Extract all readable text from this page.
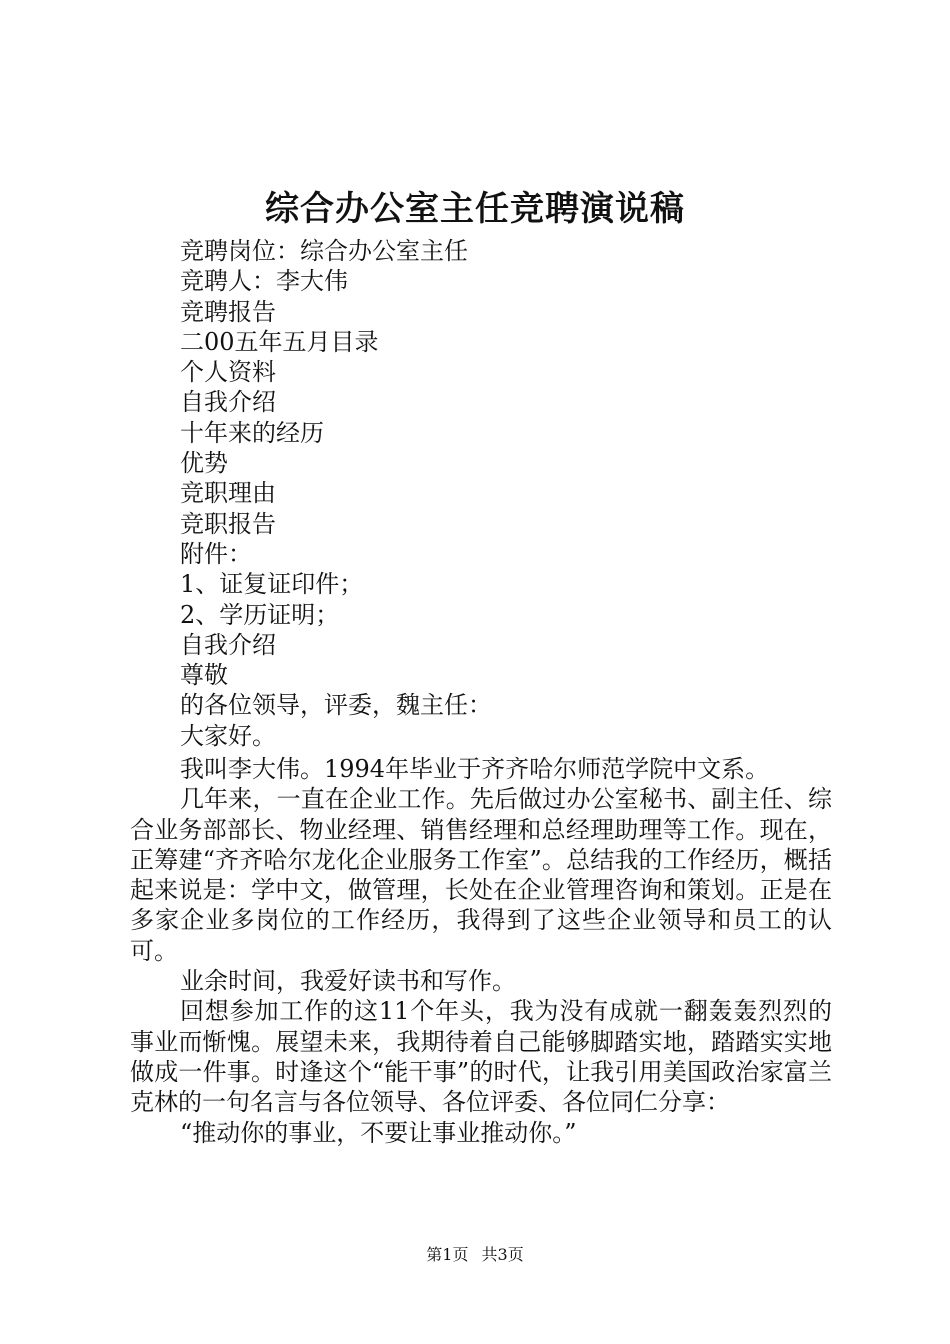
综合办公室主任竞聘演说稿
竞聘岗位：综合办公室主任
竞聘人：李大伟
竞聘报告
二00五年五月目录
个人资料
自我介绍
十年来的经历
优势
竞职理由
竞职报告
附件：
1、证复证印件；
2、学历证明；
自我介绍
尊敬
的各位领导，评委，魏主任：
大家好。

我叫李大伟。1994年毕业于齐齐哈尔师范学院中文系。

几年来，一直在企业工作。先后做过办公室秘书、副主任、综合业务部部长、物业经理、销售经理和总经理助理等工作。现在，正筹建“齐齐哈尔龙化企业服务工作室”。总结我的工作经历，概括起来说是：学中文，做管理，长处在企业管理咨询和策划。正是在多家企业多岗位的工作经历，我得到了这些企业领导和员工的认可。

业余时间，我爱好读书和写作。

回想参加工作的这11个年头，我为没有成就一翻轰轰烈烈的事业而惭愧。展望未来，我期待着自己能够脚踏实地，踏踏实实地做成一件事。时逢这个“能干事”的时代，让我引用美国政治家富兰克林的一句名言与各位领导、各位评委、各位同仁分享：

“推动你的事业，不要让事业推动你。”

第1页 共3页
